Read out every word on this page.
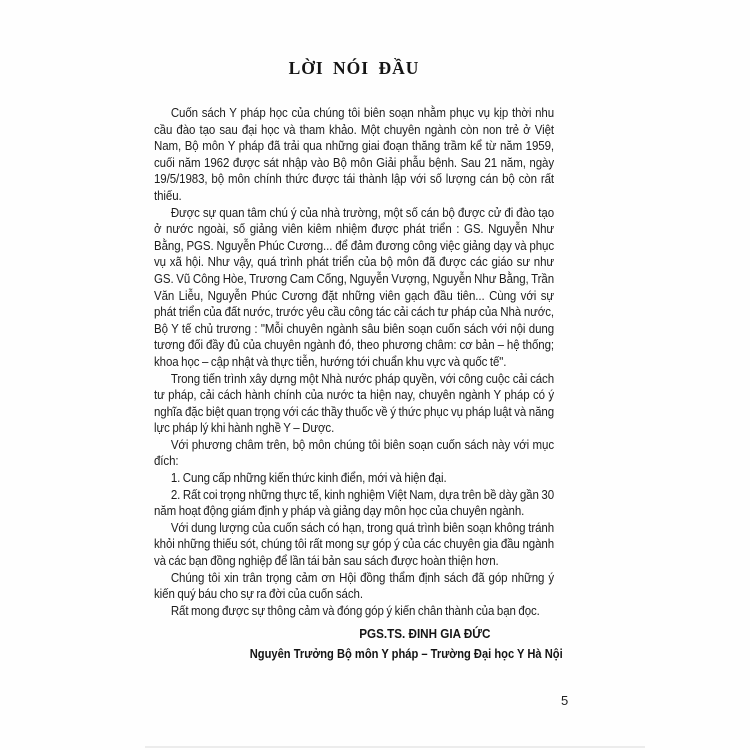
LỜI NÓI ĐẦU

Cuốn sách Y pháp học của chúng tôi biên soạn nhằm phục vụ kịp thời nhu cầu đào tạo sau đại học và tham khảo. Một chuyên ngành còn non trẻ ở Việt Nam, Bộ môn Y pháp đã trải qua những giai đoạn thăng trầm kể từ năm 1959, cuối năm 1962 được sát nhập vào Bộ môn Giải phẫu bệnh. Sau 21 năm, ngày 19/5/1983, bộ môn chính thức được tái thành lập với số lượng cán bộ còn rất thiếu.

Được sự quan tâm chú ý của nhà trường, một số cán bộ được cử đi đào tạo ở nước ngoài, số giảng viên kiêm nhiệm được phát triển : GS. Nguyễn Như Bằng, PGS. Nguyễn Phúc Cương... để đảm đương công việc giảng dạy và phục vụ xã hội. Như vậy, quá trình phát triển của bộ môn đã được các giáo sư như GS. Vũ Công Hòe, Trương Cam Cống, Nguyễn Vượng, Nguyễn Như Bằng, Trần Văn Liễu, Nguyễn Phúc Cương đặt những viên gạch đầu tiên... Cùng với sự phát triển của đất nước, trước yêu cầu công tác cải cách tư pháp của Nhà nước, Bộ Y tế chủ trương : "Mỗi chuyên ngành sâu biên soạn cuốn sách với nội dung tương đối đầy đủ của chuyên ngành đó, theo phương châm: cơ bản – hệ thống; khoa học – cập nhật và thực tiễn, hướng tới chuẩn khu vực và quốc tế".

Trong tiến trình xây dựng một Nhà nước pháp quyền, với công cuộc cải cách tư pháp, cải cách hành chính của nước ta hiện nay, chuyên ngành Y pháp có ý nghĩa đặc biệt quan trọng với các thầy thuốc về ý thức phục vụ pháp luật và năng lực pháp lý khi hành nghề Y – Dược.

Với phương châm trên, bộ môn chúng tôi biên soạn cuốn sách này với mục đích:

1. Cung cấp những kiến thức kinh điển, mới và hiện đại.

2. Rất coi trọng những thực tế, kinh nghiệm Việt Nam, dựa trên bề dày gần 30 năm hoạt động giám định y pháp và giảng dạy môn học của chuyên ngành.

Với dung lượng của cuốn sách có hạn, trong quá trình biên soạn không tránh khỏi những thiếu sót, chúng tôi rất mong sự góp ý của các chuyên gia đầu ngành và các bạn đồng nghiệp để lần tái bản sau sách được hoàn thiện hơn.

Chúng tôi xin trân trọng cảm ơn Hội đồng thẩm định sách đã góp những ý kiến quý báu cho sự ra đời của cuốn sách.

Rất mong được sự thông cảm và đóng góp ý kiến chân thành của bạn đọc.

PGS.TS. ĐINH GIA ĐỨC
Nguyên Trưởng Bộ môn Y pháp – Trường Đại học Y Hà Nội
5
